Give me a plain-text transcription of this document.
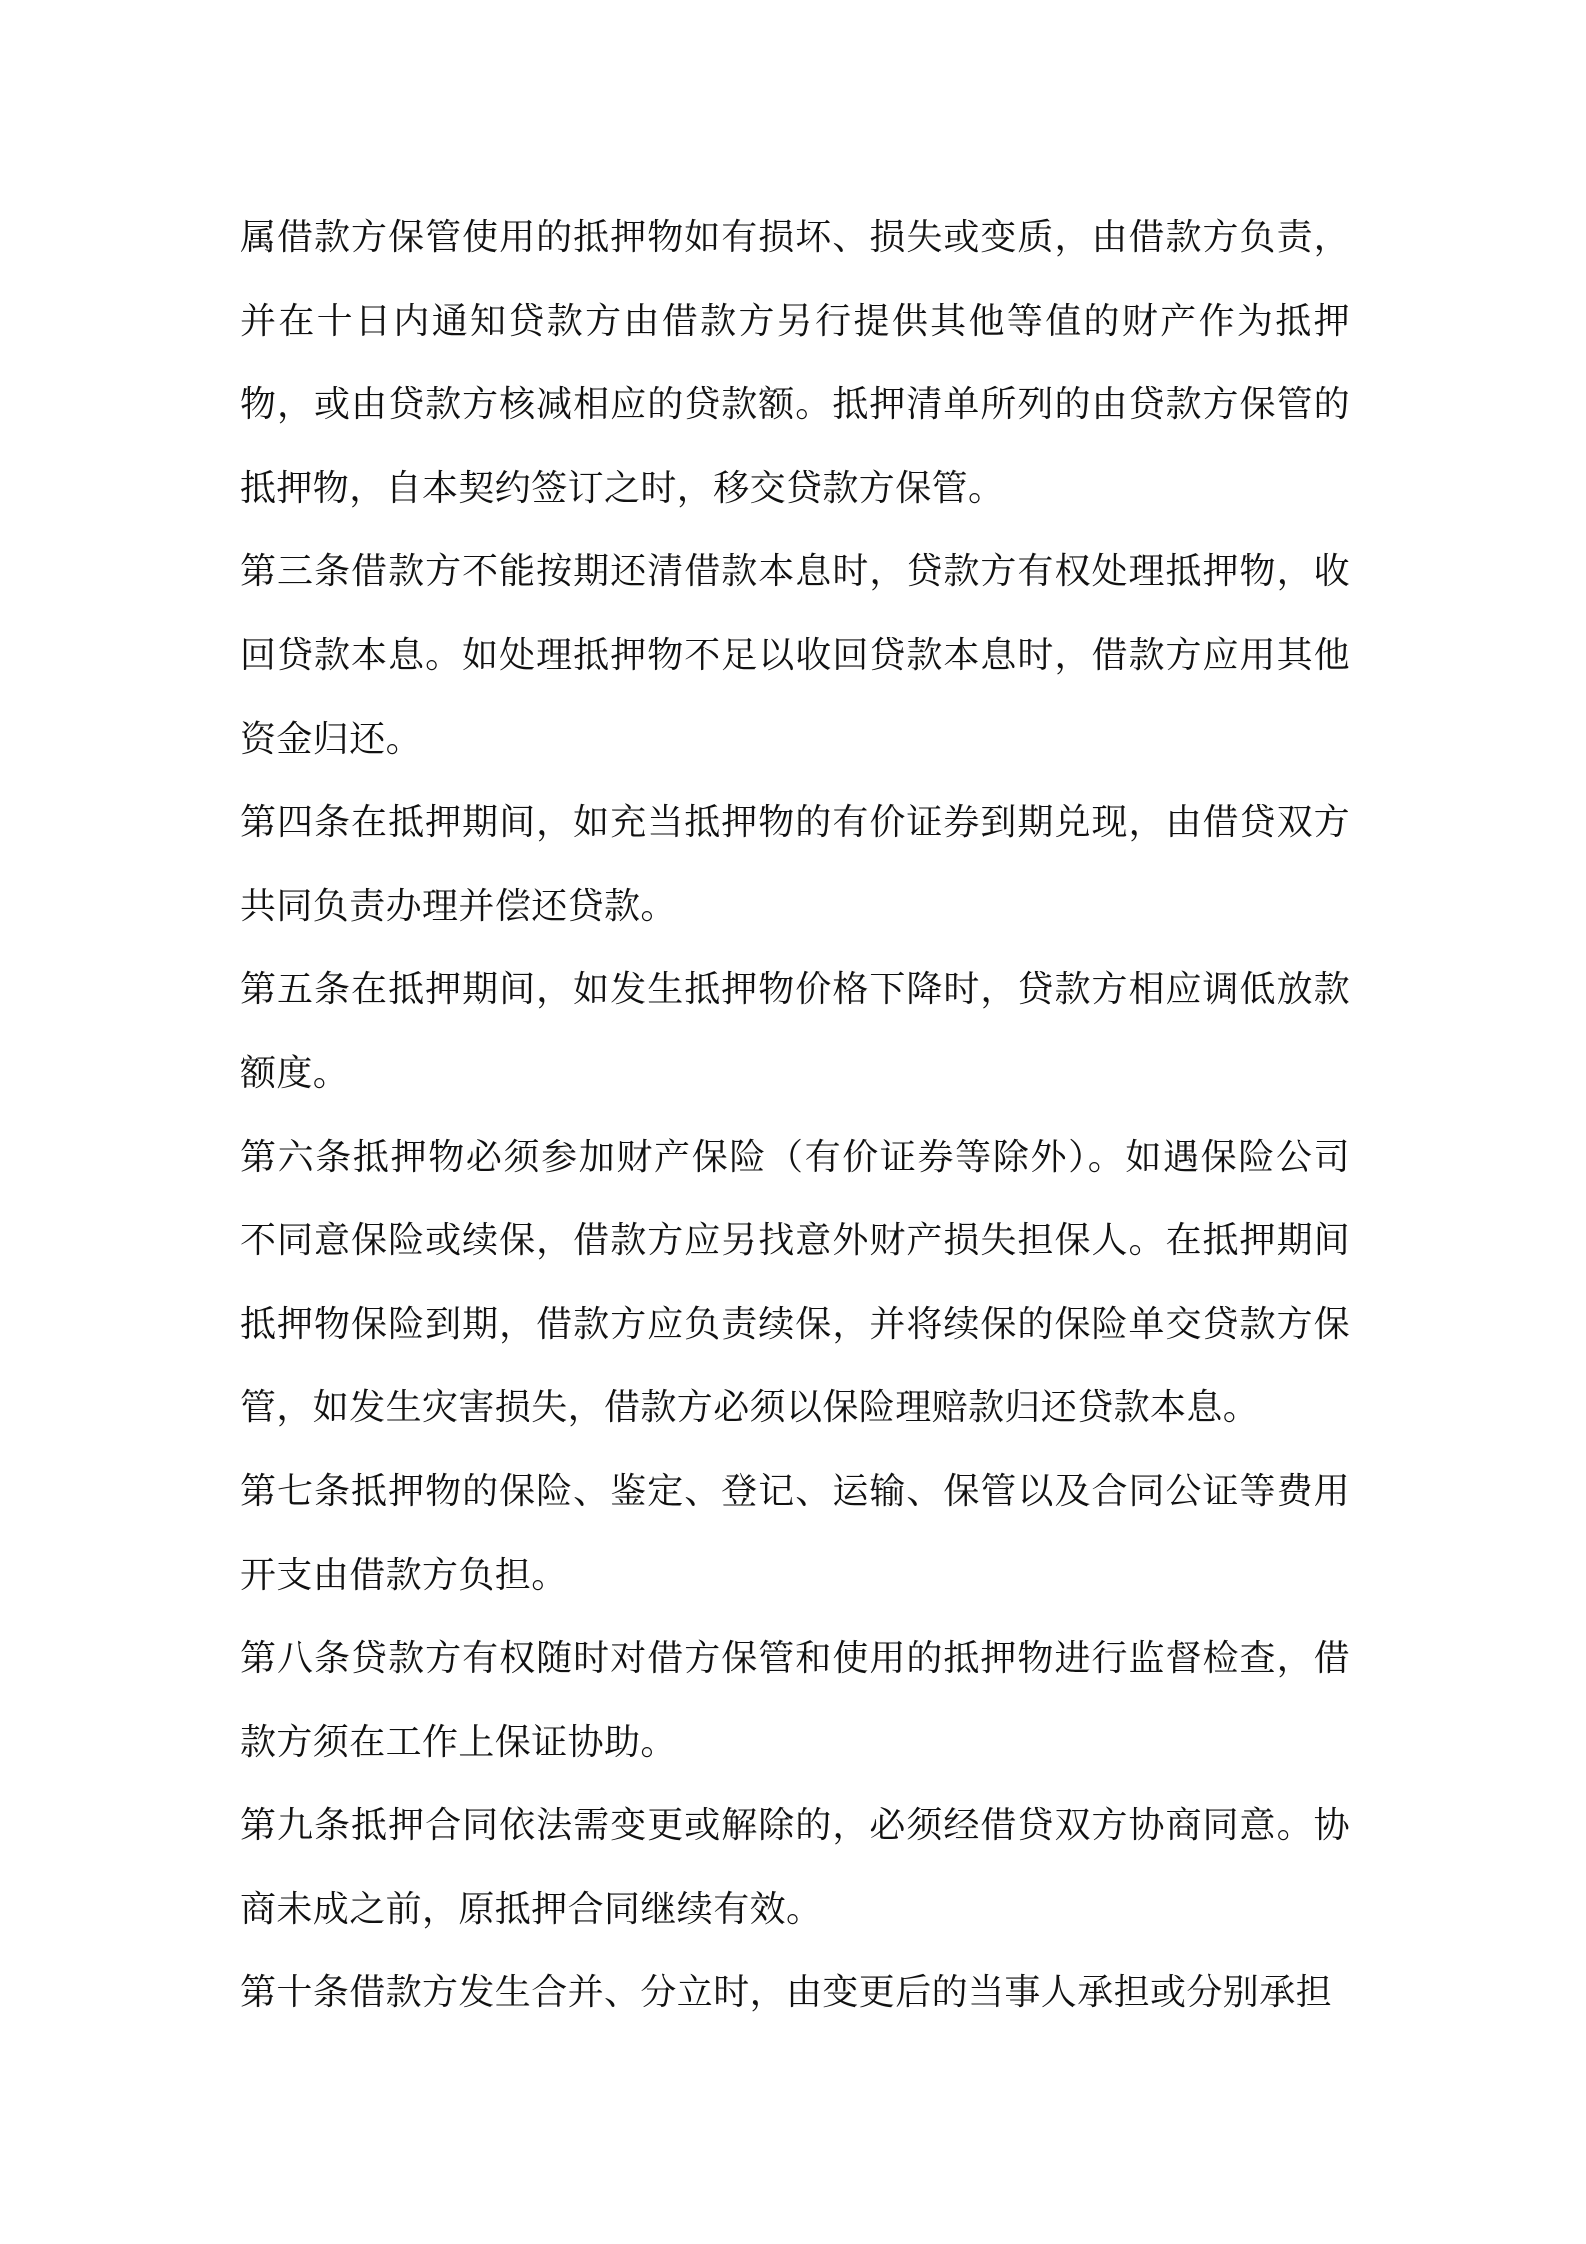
属借款方保管使用的抵押物如有损坏、损失或变质，由借款方负责，并在十日内通知贷款方由借款方另行提供其他等值的财产作为抵押物，或由贷款方核减相应的贷款额。抵押清单所列的由贷款方保管的抵押物，自本契约签订之时，移交贷款方保管。

第三条借款方不能按期还清借款本息时，贷款方有权处理抵押物，收回贷款本息。如处理抵押物不足以收回贷款本息时，借款方应用其他资金归还。

第四条在抵押期间，如充当抵押物的有价证券到期兑现，由借贷双方共同负责办理并偿还贷款。

第五条在抵押期间，如发生抵押物价格下降时，贷款方相应调低放款额度。

第六条抵押物必须参加财产保险（有价证券等除外）。如遇保险公司不同意保险或续保，借款方应另找意外财产损失担保人。在抵押期间抵押物保险到期，借款方应负责续保，并将续保的保险单交贷款方保管，如发生灾害损失，借款方必须以保险理赔款归还贷款本息。

第七条抵押物的保险、鉴定、登记、运输、保管以及合同公证等费用开支由借款方负担。

第八条贷款方有权随时对借方保管和使用的抵押物进行监督检查，借款方须在工作上保证协助。

第九条抵押合同依法需变更或解除的，必须经借贷双方协商同意。协商未成之前，原抵押合同继续有效。

第十条借款方发生合并、分立时，由变更后的当事人承担或分别承担
